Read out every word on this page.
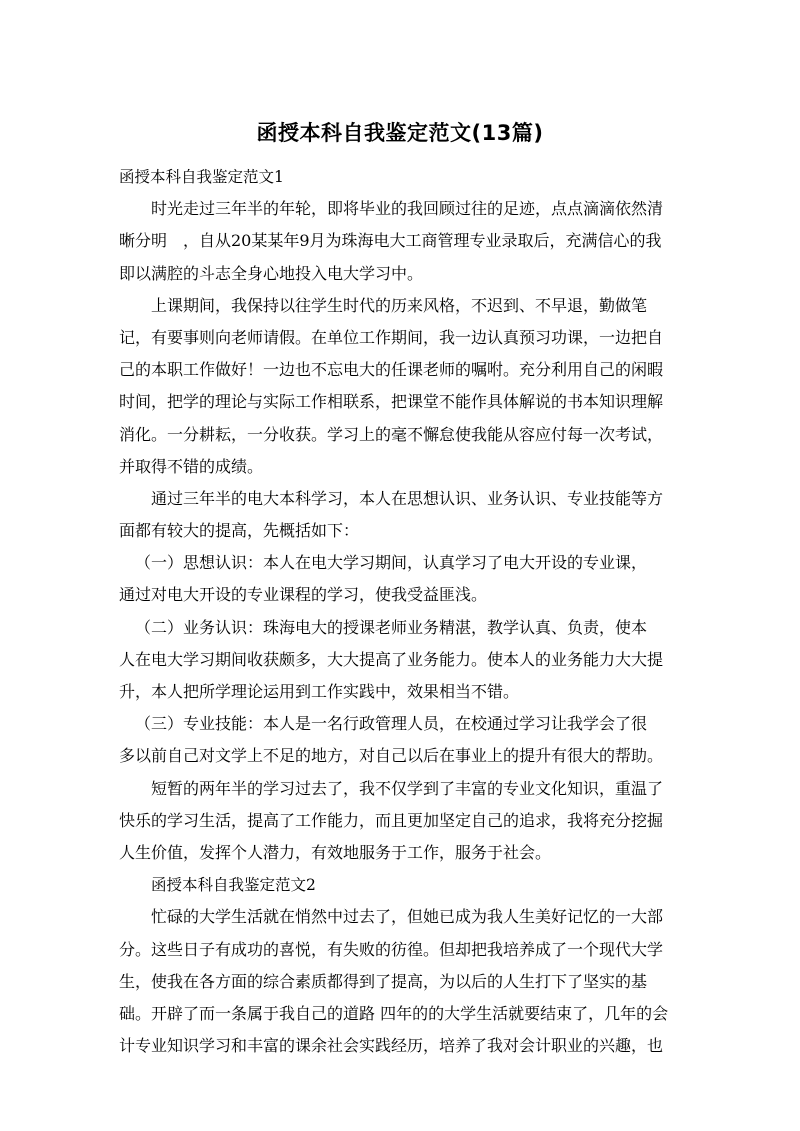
函授本科自我鉴定范文(13篇)
函授本科自我鉴定范文1
时光走过三年半的年轮，即将毕业的我回顾过往的足迹，点点滴滴依然清
晰分明　，自从20某某年9月为珠海电大工商管理专业录取后，充满信心的我
即以满腔的斗志全身心地投入电大学习中。
上课期间，我保持以往学生时代的历来风格，不迟到、不早退，勤做笔
记，有要事则向老师请假。在单位工作期间，我一边认真预习功课，一边把自
己的本职工作做好！一边也不忘电大的任课老师的嘱咐。充分利用自己的闲暇
时间，把学的理论与实际工作相联系，把课堂不能作具体解说的书本知识理解
消化。一分耕耘，一分收获。学习上的毫不懈怠使我能从容应付每一次考试，
并取得不错的成绩。
通过三年半的电大本科学习，本人在思想认识、业务认识、专业技能等方
面都有较大的提高，先概括如下：
（一）思想认识：本人在电大学习期间，认真学习了电大开设的专业课，
通过对电大开设的专业课程的学习，使我受益匪浅。
（二）业务认识：珠海电大的授课老师业务精湛，教学认真、负责，使本
人在电大学习期间收获颇多，大大提高了业务能力。使本人的业务能力大大提
升，本人把所学理论运用到工作实践中，效果相当不错。
（三）专业技能：本人是一名行政管理人员，在校通过学习让我学会了很
多以前自己对文学上不足的地方，对自己以后在事业上的提升有很大的帮助。
短暂的两年半的学习过去了，我不仅学到了丰富的专业文化知识，重温了
快乐的学习生活，提高了工作能力，而且更加坚定自己的追求，我将充分挖掘
人生价值，发挥个人潜力，有效地服务于工作，服务于社会。
函授本科自我鉴定范文2
忙碌的大学生活就在悄然中过去了，但她已成为我人生美好记忆的一大部
分。这些日子有成功的喜悦，有失败的彷徨。但却把我培养成了一个现代大学
生，使我在各方面的综合素质都得到了提高，为以后的人生打下了坚实的基
础。开辟了而一条属于我自己的道路 四年的的大学生活就要结束了，几年的会
计专业知识学习和丰富的课余社会实践经历，培养了我对会计职业的兴趣，也
